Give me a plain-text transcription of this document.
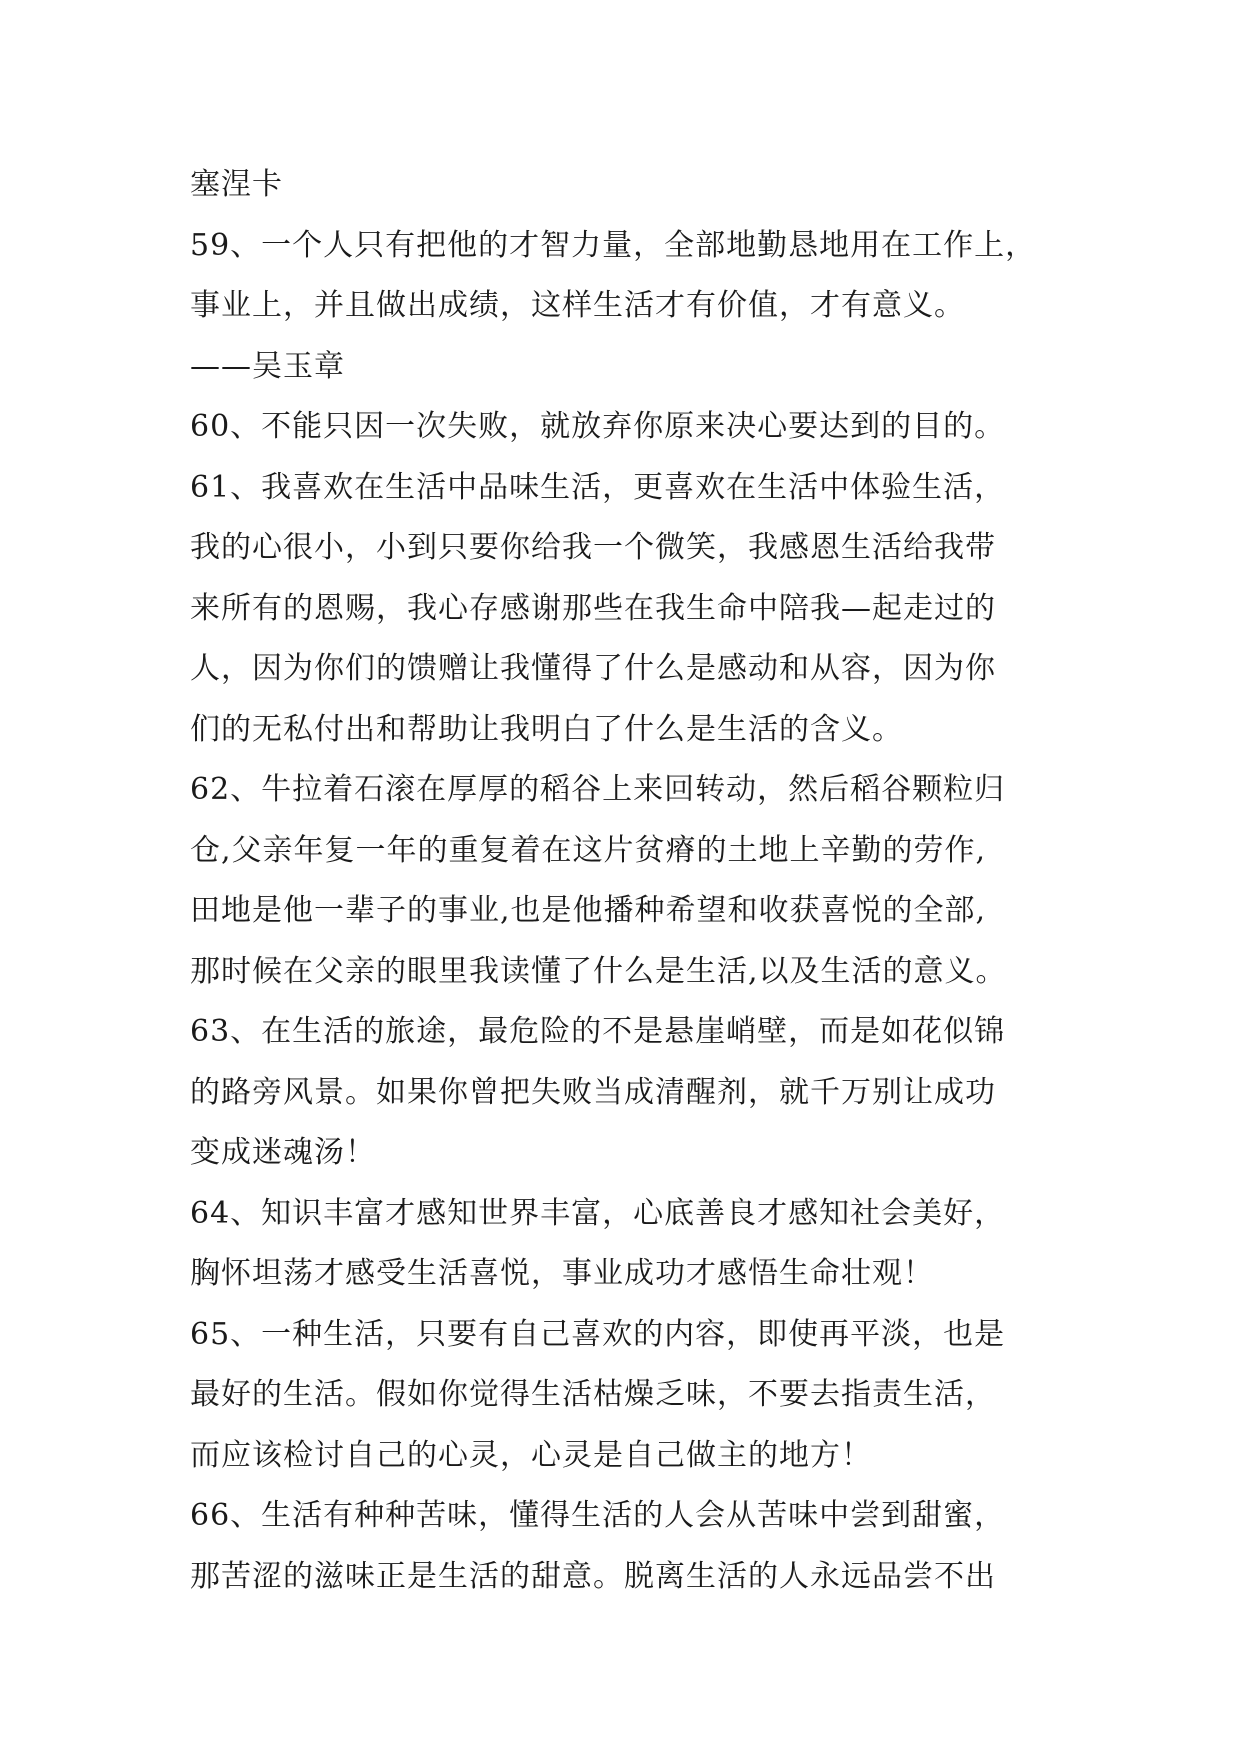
塞涅卡
59、一个人只有把他的才智力量，全部地勤恳地用在工作上，
事业上，并且做出成绩，这样生活才有价值，才有意义。
——吴玉章
60、不能只因一次失败，就放弃你原来决心要达到的目的。
61、我喜欢在生活中品味生活，更喜欢在生活中体验生活，
我的心很小，小到只要你给我一个微笑，我感恩生活给我带
来所有的恩赐，我心存感谢那些在我生命中陪我—起走过的
人，因为你们的馈赠让我懂得了什么是感动和从容，因为你
们的无私付出和帮助让我明白了什么是生活的含义。
62、牛拉着石滚在厚厚的稻谷上来回转动，然后稻谷颗粒归
仓,父亲年复一年的重复着在这片贫瘠的土地上辛勤的劳作,
田地是他一辈子的事业,也是他播种希望和收获喜悦的全部,
那时候在父亲的眼里我读懂了什么是生活,以及生活的意义。
63、在生活的旅途，最危险的不是悬崖峭壁，而是如花似锦
的路旁风景。如果你曾把失败当成清醒剂，就千万别让成功
变成迷魂汤！
64、知识丰富才感知世界丰富，心底善良才感知社会美好，
胸怀坦荡才感受生活喜悦，事业成功才感悟生命壮观！
65、一种生活，只要有自己喜欢的内容，即使再平淡，也是
最好的生活。假如你觉得生活枯燥乏味，不要去指责生活，
而应该检讨自己的心灵，心灵是自己做主的地方！
66、生活有种种苦味，懂得生活的人会从苦味中尝到甜蜜，
那苦涩的滋味正是生活的甜意。脱离生活的人永远品尝不出
